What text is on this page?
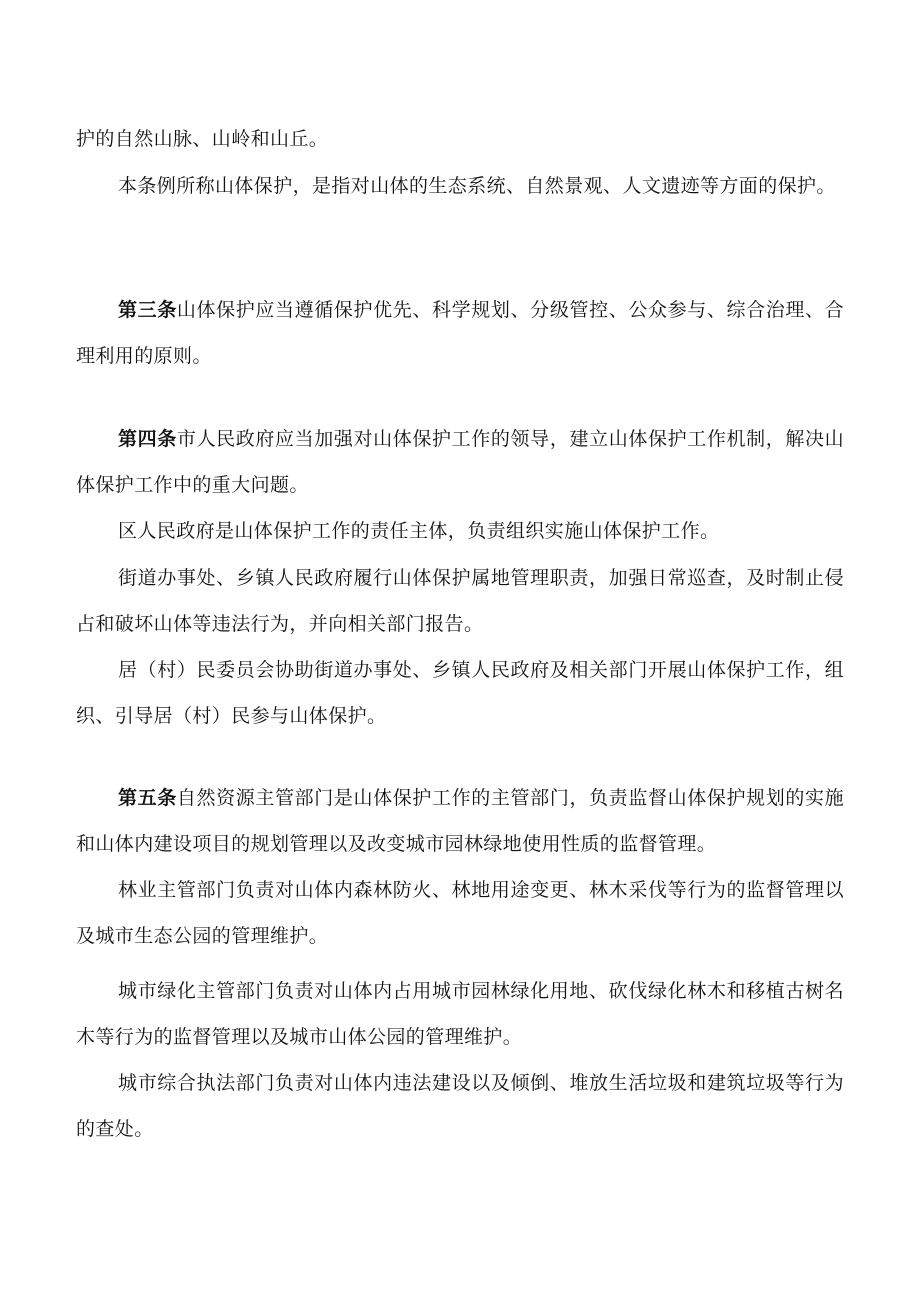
护的自然山脉、山岭和山丘。

本条例所称山体保护，是指对山体的生态系统、自然景观、人文遗迹等方面的保护。

第三条山体保护应当遵循保护优先、科学规划、分级管控、公众参与、综合治理、合理利用的原则。

第四条市人民政府应当加强对山体保护工作的领导，建立山体保护工作机制，解决山体保护工作中的重大问题。

区人民政府是山体保护工作的责任主体，负责组织实施山体保护工作。

街道办事处、乡镇人民政府履行山体保护属地管理职责，加强日常巡查，及时制止侵占和破坏山体等违法行为，并向相关部门报告。

居（村）民委员会协助街道办事处、乡镇人民政府及相关部门开展山体保护工作，组织、引导居（村）民参与山体保护。

第五条自然资源主管部门是山体保护工作的主管部门，负责监督山体保护规划的实施和山体内建设项目的规划管理以及改变城市园林绿地使用性质的监督管理。

林业主管部门负责对山体内森林防火、林地用途变更、林木采伐等行为的监督管理以及城市生态公园的管理维护。

城市绿化主管部门负责对山体内占用城市园林绿化用地、砍伐绿化林木和移植古树名木等行为的监督管理以及城市山体公园的管理维护。

城市综合执法部门负责对山体内违法建设以及倾倒、堆放生活垃圾和建筑垃圾等行为的查处。
